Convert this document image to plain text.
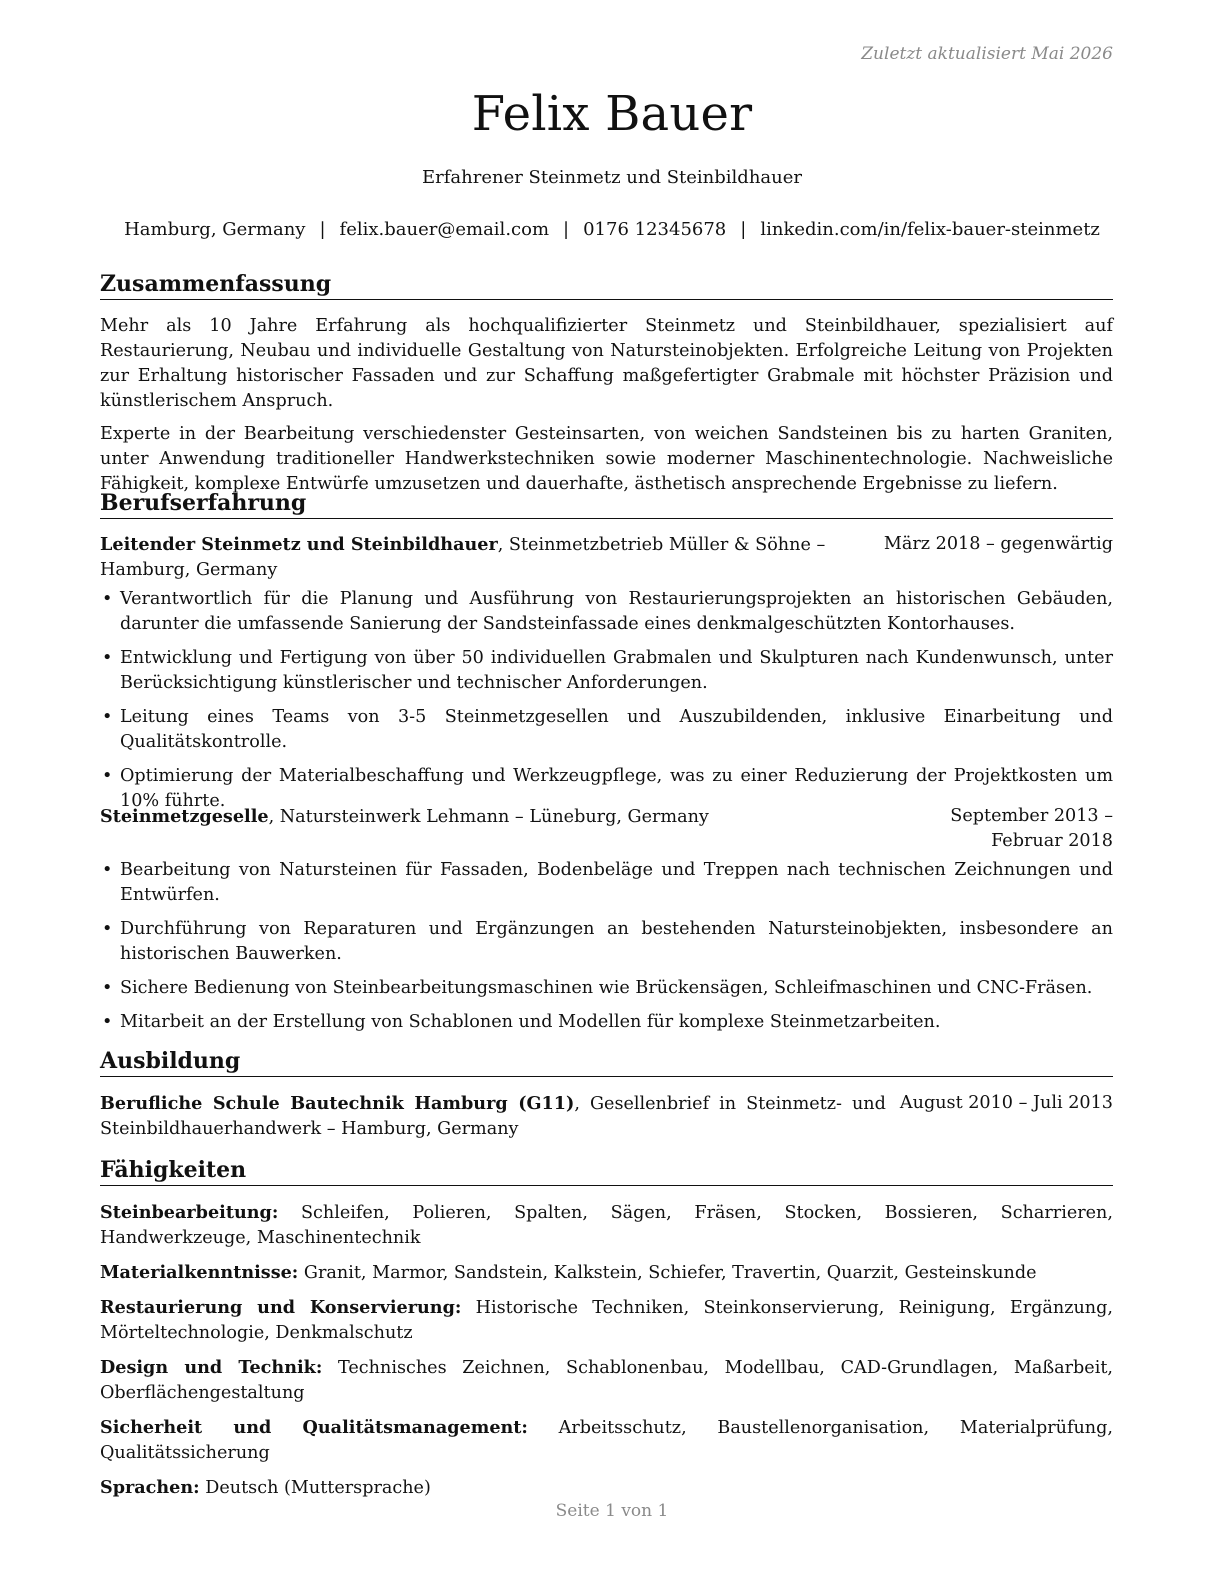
Zuletzt aktualisiert Mai 2026
Felix Bauer
Erfahrener Steinmetz und Steinbildhauer
Hamburg, Germany | felix.bauer@email.com | 0176 12345678 | linkedin.com/in/felix-bauer-steinmetz
Zusammenfassung

Mehr als 10 Jahre Erfahrung als hochqualifizierter Steinmetz und Steinbildhauer, spezialisiert auf Restaurierung, Neubau und individuelle Gestaltung von Natursteinobjekten. Erfolgreiche Leitung von Projekten zur Erhaltung historischer Fassaden und zur Schaffung maßgefertigter Grabmale mit höchster Präzision und künstlerischem Anspruch.

Experte in der Bearbeitung verschiedenster Gesteinsarten, von weichen Sandsteinen bis zu harten Graniten, unter Anwendung traditioneller Handwerkstechniken sowie moderner Maschinentechnologie. Nachweisliche Fähigkeit, komplexe Entwürfe umzusetzen und dauerhafte, ästhetisch ansprechende Ergebnisse zu liefern.

Berufserfahrung
Leitender Steinmetz und Steinbildhauer, Steinmetzbetrieb Müller & Söhne – Hamburg, Germany
März 2018 – gegenwärtig
• Verantwortlich für die Planung und Ausführung von Restaurierungsprojekten an historischen Gebäuden, darunter die umfassende Sanierung der Sandsteinfassade eines denkmalgeschützten Kontorhauses.
• Entwicklung und Fertigung von über 50 individuellen Grabmalen und Skulpturen nach Kundenwunsch, unter Berücksichtigung künstlerischer und technischer Anforderungen.
• Leitung eines Teams von 3-5 Steinmetzgesellen und Auszubildenden, inklusive Einarbeitung und Qualitätskontrolle.
• Optimierung der Materialbeschaffung und Werkzeugpflege, was zu einer Reduzierung der Projektkosten um 10% führte.
Steinmetzgeselle, Natursteinwerk Lehmann – Lüneburg, Germany	September 2013 – Februar 2018
• Bearbeitung von Natursteinen für Fassaden, Bodenbeläge und Treppen nach technischen Zeichnungen und Entwürfen.
• Durchführung von Reparaturen und Ergänzungen an bestehenden Natursteinobjekten, insbesondere an historischen Bauwerken.
• Sichere Bedienung von Steinbearbeitungsmaschinen wie Brückensägen, Schleifmaschinen und CNC-Fräsen.
• Mitarbeit an der Erstellung von Schablonen und Modellen für komplexe Steinmetzarbeiten.
Ausbildung
Berufliche Schule Bautechnik Hamburg (G11), Gesellenbrief in Steinmetz- und Steinbildhauerhandwerk – Hamburg, Germany
August 2010 – Juli 2013
Fähigkeiten

Steinbearbeitung: Schleifen, Polieren, Spalten, Sägen, Fräsen, Stocken, Bossieren, Scharrieren, Handwerkzeuge, Maschinentechnik

Materialkenntnisse: Granit, Marmor, Sandstein, Kalkstein, Schiefer, Travertin, Quarzit, Gesteinskunde

Restaurierung und Konservierung: Historische Techniken, Steinkonservierung, Reinigung, Ergänzung, Mörteltechnologie, Denkmalschutz

Design und Technik: Technisches Zeichnen, Schablonenbau, Modellbau, CAD-Grundlagen, Maßarbeit, Oberflächengestaltung

Sicherheit und Qualitätsmanagement: Arbeitsschutz, Baustellenorganisation, Materialprüfung, Qualitätssicherung

Sprachen: Deutsch (Muttersprache)

Seite 1 von 1
